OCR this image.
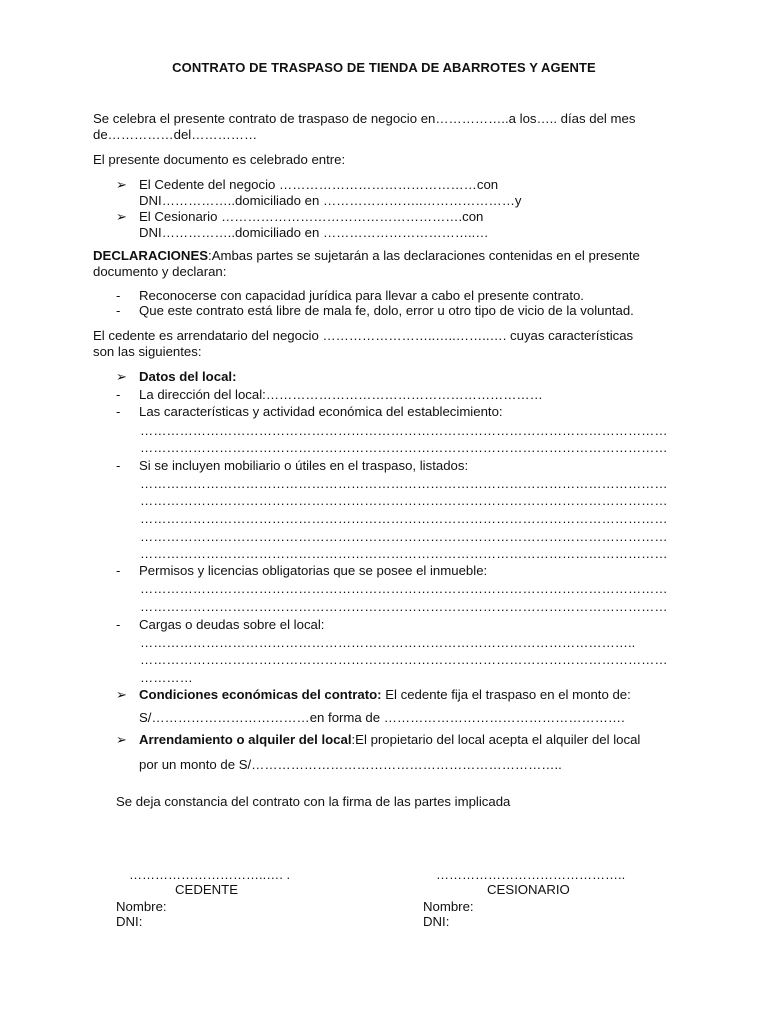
CONTRATO DE TRASPASO DE TIENDA DE ABARROTES Y AGENTE
Se celebra el presente contrato de traspaso de negocio en……………..a los….. días del mes
de……………del……………
El presente documento es celebrado entre:
➢ El Cedente del negocio ………………………………………con
DNI……………..domiciliado en …………………..…………………y
➢ El Cesionario ……………………………………………….con
DNI……………..domiciliado en ……………………………..…
DECLARACIONES:Ambas partes se sujetarán a las declaraciones contenidas en el presente
documento y declaran:
-	Reconocerse con capacidad jurídica para llevar a cabo el presente contrato.
-	Que este contrato está libre de mala fe, dolo, error u otro tipo de vicio de la voluntad.
El cedente es arrendatario del negocio ……………………..…..……..…. cuyas características
son las siguientes:
➢ Datos del local:
-	La dirección del local:………………………………………………………
-	Las características y actividad económica del establecimiento:
…………………………………………………………………………………………………………
…………………………………………………………………………………………………………
-	Si se incluyen mobiliario o útiles en el traspaso, listados:
…………………………………………………………………………………………………………
…………………………………………………………………………………………………………
…………………………………………………………………………………………………………
…………………………………………………………………………………………………………
…………………………………………………………………………………………………………
-	Permisos y licencias obligatorias que se posee el inmueble:
…………………………………………………………………………………………………………
…………………………………………………………………………………………………………
-	Cargas o deudas sobre el local:
…………………………………………………………………………………………………..
…………………………………………………………………………………………………………
…………
➢ Condiciones económicas del contrato: El cedente fija el traspaso en el monto de:
S/………………………………en forma de ……………………………………………….
➢ Arrendamiento o alquiler del local:El propietario del local acepta el alquiler del local
por un monto de S/……………………………………………………………..
Se deja constancia del contrato con la firma de las partes implicada
…………………………..…. .	……………………………………..
CEDENTE	CESIONARIO
Nombre:	Nombre:
DNI:	DNI:
